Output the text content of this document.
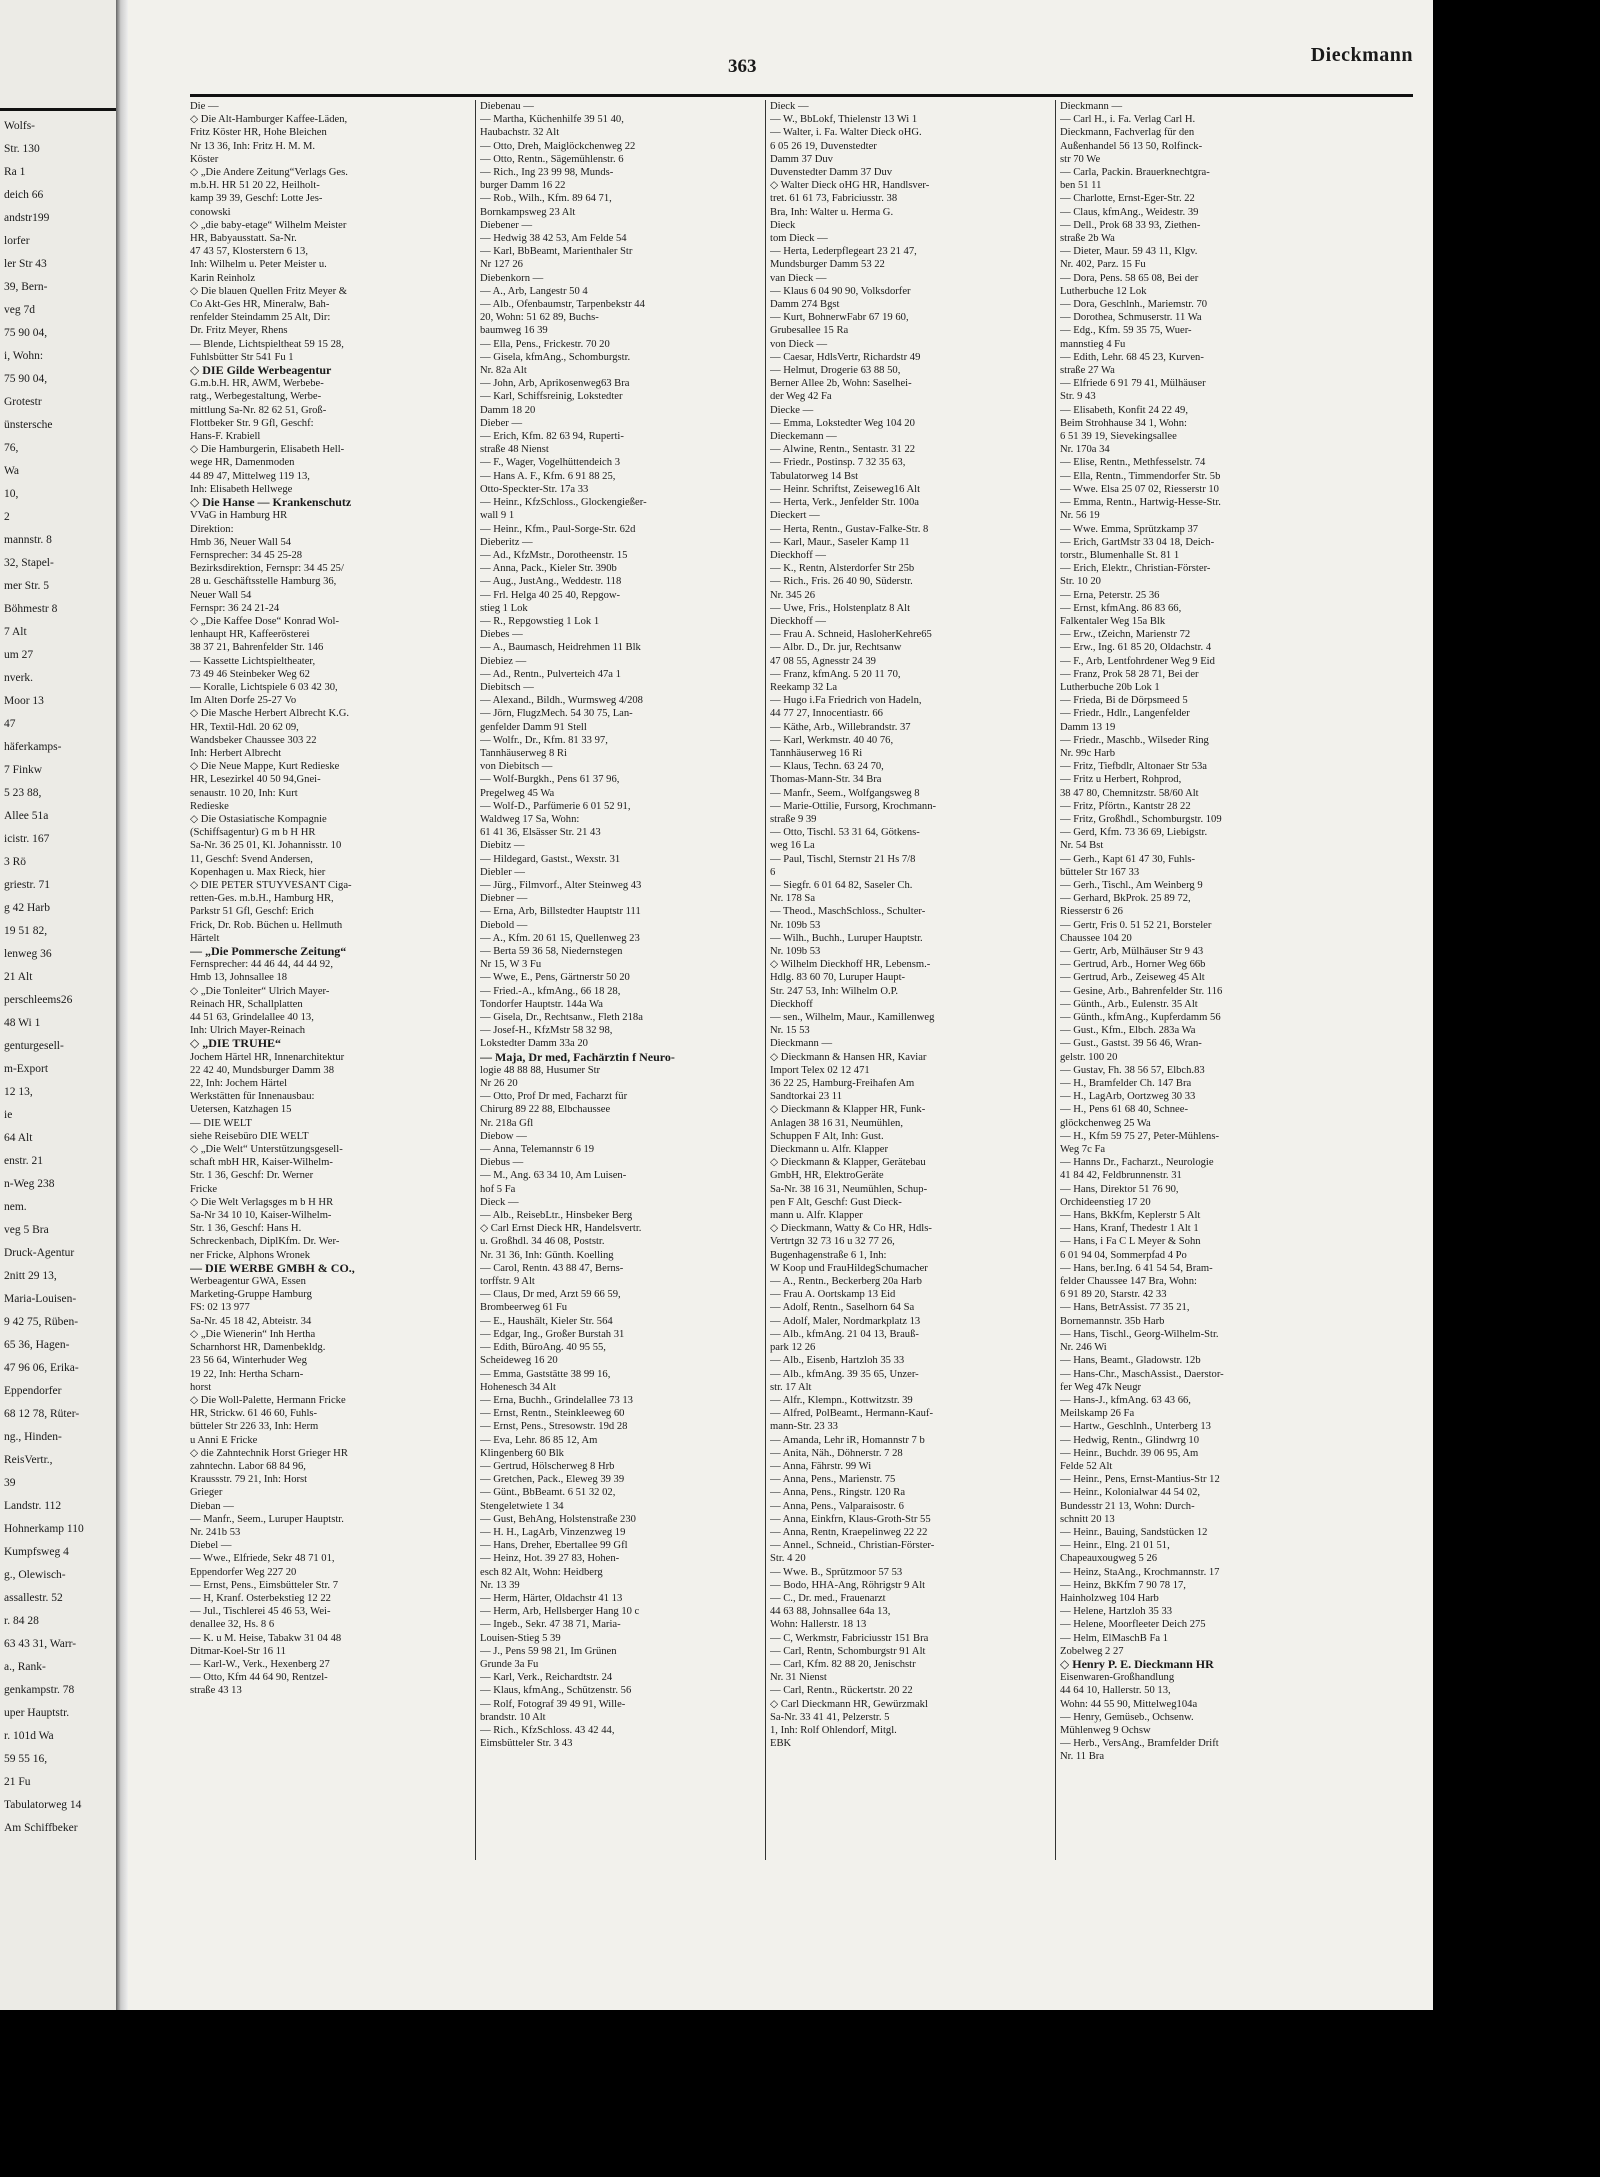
Wolfs-
Str. 130
Ra 1
deich 66
andstr199
lorfer
ler Str 43
39, Bern-
veg 7d
75 90 04,
i, Wohn:
75 90 04,
Grotestr
ünstersche
76,
Wa
10,
2
mannstr. 8
32, Stapel-
mer Str. 5
Böhmestr 8
7 Alt
um 27
nverk.
Moor 13
47
häferkamps-
7 Finkw
5 23 88,
Allee 51a
icistr. 167
3 Rö
griestr. 71
g 42 Harb
19 51 82,
lenweg 36
21 Alt
perschleems26
48 Wi 1
genturgesell-
m-Export
12 13,
ie
64 Alt
enstr. 21
n-Weg 238
nem.
veg 5 Bra
Druck-Agentur
2nitt 29 13,
Maria-Louisen-
9 42 75, Rüben-
65 36, Hagen-
47 96 06, Erika-
Eppendorfer
68 12 78, Rüter-
ng., Hinden-
ReisVertr.,
39
Landstr. 112
Hohnerkamp 110
Kumpfsweg 4
g., Olewisch-
assallestr. 52
r. 84 28
63 43 31, Warr-
a., Rank-
genkampstr. 78
uper Hauptstr.
r. 101d Wa
59 55 16,
21 Fu
Tabulatorweg 14
Am Schiffbeker
363
Dieckmann
Die —
◇ Die Alt-Hamburger Kaffee-Läden,
Fritz Köster HR, Hohe Bleichen
Nr 13 36, Inh: Fritz H. M. M.
Köster
◇ „Die Andere Zeitung“Verlags Ges.
m.b.H. HR 51 20 22, Heilholt-
kamp 39 39, Geschf: Lotte Jes-
conowski
◇ „die baby-etage“ Wilhelm Meister
HR, Babyausstatt. Sa-Nr.
47 43 57, Klosterstern 6 13,
Inh: Wilhelm u. Peter Meister u.
Karin Reinholz
◇ Die blauen Quellen Fritz Meyer &
Co Akt-Ges HR, Mineralw, Bah-
renfelder Steindamm 25 Alt, Dir:
Dr. Fritz Meyer, Rhens
— Blende, Lichtspieltheat 59 15 28,
Fuhlsbütter Str 541 Fu 1
◇ DIE Gilde Werbeagentur
G.m.b.H. HR, AWM, Werbebe-
ratg., Werbegestaltung, Werbe-
mittlung Sa-Nr. 82 62 51, Groß-
Flottbeker Str. 9 Gfl, Geschf:
Hans-F. Krabiell
◇ Die Hamburgerin, Elisabeth Hell-
wege HR, Damenmoden
44 89 47, Mittelweg 119 13,
Inh: Elisabeth Hellwege
◇ Die Hanse — Krankenschutz
VVaG in Hamburg HR
Direktion:
Hmb 36, Neuer Wall 54
Fernsprecher: 34 45 25-28
Bezirksdirektion, Fernspr: 34 45 25/
28 u. Geschäftsstelle Hamburg 36,
Neuer Wall 54
Fernspr: 36 24 21-24
◇ „Die Kaffee Dose“ Konrad Wol-
lenhaupt HR, Kaffeerösterei
38 37 21, Bahrenfelder Str. 146
— Kassette Lichtspieltheater,
73 49 46 Steinbeker Weg 62
— Koralle, Lichtspiele 6 03 42 30,
Im Alten Dorfe 25-27 Vo
◇ Die Masche Herbert Albrecht K.G.
HR, Textil-Hdl. 20 62 09,
Wandsbeker Chaussee 303 22
Inh: Herbert Albrecht
◇ Die Neue Mappe, Kurt Redieske
HR, Lesezirkel 40 50 94,Gnei-
senaustr. 10 20, Inh: Kurt
Redieske
◇ Die Ostasiatische Kompagnie
(Schiffsagentur) G m b H HR
Sa-Nr. 36 25 01, Kl. Johannisstr. 10
11, Geschf: Svend Andersen,
Kopenhagen u. Max Rieck, hier
◇ DIE PETER STUYVESANT Ciga-
retten-Ges. m.b.H., Hamburg HR,
Parkstr 51 Gfl, Geschf: Erich
Frick, Dr. Rob. Büchen u. Hellmuth
Härtelt
— „Die Pommersche Zeitung“
Fernsprecher: 44 46 44, 44 44 92,
Hmb 13, Johnsallee 18
◇ „Die Tonleiter“ Ulrich Mayer-
Reinach HR, Schallplatten
44 51 63, Grindelallee 40 13,
Inh: Ulrich Mayer-Reinach
◇ „DIE TRUHE“
Jochem Härtel HR, Innenarchitektur
22 42 40, Mundsburger Damm 38
22, Inh: Jochem Härtel
Werkstätten für Innenausbau:
Uetersen, Katzhagen 15
— DIE WELT
siehe Reisebüro DIE WELT
◇ „Die Welt“ Unterstützungsgesell-
schaft mbH HR, Kaiser-Wilhelm-
Str. 1 36, Geschf: Dr. Werner
Fricke
◇ Die Welt Verlagsges m b H HR
Sa-Nr 34 10 10, Kaiser-Wilhelm-
Str. 1 36, Geschf: Hans H.
Schreckenbach, DiplKfm. Dr. Wer-
ner Fricke, Alphons Wronek
— DIE WERBE GMBH & CO.,
Werbeagentur GWA, Essen
Marketing-Gruppe Hamburg
FS: 02 13 977
Sa-Nr. 45 18 42, Abteistr. 34
◇ „Die Wienerin“ Inh Hertha
Scharnhorst HR, Damenbekldg.
23 56 64, Winterhuder Weg
19 22, Inh: Hertha Scharn-
horst
◇ Die Woll-Palette, Hermann Fricke
HR, Strickw. 61 46 60, Fuhls-
bütteler Str 226 33, Inh: Herm
u Anni E Fricke
◇ die Zahntechnik Horst Grieger HR
zahntechn. Labor 68 84 96,
Kraussstr. 79 21, Inh: Horst
Grieger
Dieban —
— Manfr., Seem., Luruper Hauptstr.
Nr. 241b 53
Diebel —
— Wwe., Elfriede, Sekr 48 71 01,
Eppendorfer Weg 227 20
— Ernst, Pens., Eimsbütteler Str. 7
— H, Kranf. Osterbekstieg 12 22
— Jul., Tischlerei 45 46 53, Wei-
denallee 32, Hs. 8 6
— K. u M. Heise, Tabakw 31 04 48
Ditmar-Koel-Str 16 11
— Karl-W., Verk., Hexenberg 27
— Otto, Kfm 44 64 90, Rentzel-
straße 43 13
Diebenau —
— Martha, Küchenhilfe 39 51 40,
Haubachstr. 32 Alt
— Otto, Dreh, Maiglöckchenweg 22
— Otto, Rentn., Sägemühlenstr. 6
— Rich., Ing 23 99 98, Munds-
burger Damm 16 22
— Rob., Wilh., Kfm. 89 64 71,
Bornkampsweg 23 Alt
Diebener —
— Hedwig 38 42 53, Am Felde 54
— Karl, BbBeamt, Marienthaler Str
Nr 127 26
Diebenkorn —
— A., Arb, Langestr 50 4
— Alb., Ofenbaumstr, Tarpenbekstr 44
20, Wohn: 51 62 89, Buchs-
baumweg 16 39
— Ella, Pens., Frickestr. 70 20
— Gisela, kfmAng., Schomburgstr.
Nr. 82a Alt
— John, Arb, Aprikosenweg63 Bra
— Karl, Schiffsreinig, Lokstedter
Damm 18 20
Dieber —
— Erich, Kfm. 82 63 94, Ruperti-
straße 48 Nienst
— F., Wager, Vogelhüttendeich 3
— Hans A. F., Kfm. 6 91 88 25,
Otto-Speckter-Str. 17a 33
— Heinr., KfzSchloss., Glockengießer-
wall 9 1
— Heinr., Kfm., Paul-Sorge-Str. 62d
Dieberitz —
— Ad., KfzMstr., Dorotheenstr. 15
— Anna, Pack., Kieler Str. 390b
— Aug., JustAng., Weddestr. 118
— Frl. Helga 40 25 40, Repgow-
stieg 1 Lok
— R., Repgowstieg 1 Lok 1
Diebes —
— A., Baumasch, Heidrehmen 11 Blk
Diebiez —
— Ad., Rentn., Pulverteich 47a 1
Diebitsch —
— Alexand., Bildh., Wurmsweg 4/208
— Jörn, FlugzMech. 54 30 75, Lan-
genfelder Damm 91 Stell
— Wolfr., Dr., Kfm. 81 33 97,
Tannhäuserweg 8 Ri
von Diebitsch —
— Wolf-Burgkh., Pens 61 37 96,
Pregelweg 45 Wa
— Wolf-D., Parfümerie 6 01 52 91,
Waldweg 17 Sa, Wohn:
61 41 36, Elsässer Str. 21 43
Diebitz —
— Hildegard, Gastst., Wexstr. 31
Diebler —
— Jürg., Filmvorf., Alter Steinweg 43
Diebner —
— Erna, Arb, Billstedter Hauptstr 111
Diebold —
— A., Kfm. 20 61 15, Quellenweg 23
— Berta 59 36 58, Niedernstegen
Nr 15, W 3 Fu
— Wwe, E., Pens, Gärtnerstr 50 20
— Fried.-A., kfmAng., 66 18 28,
Tondorfer Hauptstr. 144a Wa
— Gisela, Dr., Rechtsanw., Fleth 218a
— Josef-H., KfzMstr 58 32 98,
Lokstedter Damm 33a 20
— Maja, Dr med, Fachärztin f Neuro-
logie 48 88 88, Husumer Str
Nr 26 20
— Otto, Prof Dr med, Facharzt für
Chirurg 89 22 88, Elbchaussee
Nr. 218a Gfl
Diebow —
— Anna, Telemannstr 6 19
Diebus —
— M., Ang. 63 34 10, Am Luisen-
hof 5 Fa
Dieck —
— Alb., ReisebLtr., Hinsbeker Berg
◇ Carl Ernst Dieck HR, Handelsvertr.
u. Großhdl. 34 46 08, Poststr.
Nr. 31 36, Inh: Günth. Koelling
— Carol, Rentn. 43 88 47, Berns-
torffstr. 9 Alt
— Claus, Dr med, Arzt 59 66 59,
Brombeerweg 61 Fu
— E., Haushält, Kieler Str. 564
— Edgar, Ing., Großer Burstah 31
— Edith, BüroAng. 40 95 55,
Scheideweg 16 20
— Emma, Gaststätte 38 99 16,
Hohenesch 34 Alt
— Erna, Buchh., Grindelallee 73 13
— Ernst, Rentn., Steinkleeweg 60
— Ernst, Pens., Stresowstr. 19d 28
— Eva, Lehr. 86 85 12, Am
Klingenberg 60 Blk
— Gertrud, Hölscherweg 8 Hrb
— Gretchen, Pack., Eleweg 39 39
— Günt., BbBeamt. 6 51 32 02,
Stengeletwiete 1 34
— Gust, BehAng, Holstenstraße 230
— H. H., LagArb, Vinzenzweg 19
— Hans, Dreher, Ebertallee 99 Gfl
— Heinz, Hot. 39 27 83, Hohen-
esch 82 Alt, Wohn: Heidberg
Nr. 13 39
— Herm, Härter, Oldachstr 41 13
— Herm, Arb, Hellsberger Hang 10 c
— Ingeb., Sekr. 47 38 71, Maria-
Louisen-Stieg 5 39
— J., Pens 59 98 21, Im Grünen
Grunde 3a Fu
— Karl, Verk., Reichardtstr. 24
— Klaus, kfmAng., Schützenstr. 56
— Rolf, Fotograf 39 49 91, Wille-
brandstr. 10 Alt
— Rich., KfzSchloss. 43 42 44,
Eimsbütteler Str. 3 43
Dieck —
— W., BbLokf, Thielenstr 13 Wi 1
— Walter, i. Fa. Walter Dieck oHG.
6 05 26 19, Duvenstedter
Damm 37 Duv
Duvenstedter Damm 37 Duv
◇ Walter Dieck oHG HR, Handlsver-
tret. 61 61 73, Fabriciusstr. 38
Bra, Inh: Walter u. Herma G.
Dieck
tom Dieck —
— Herta, Lederpflegeart 23 21 47,
Mundsburger Damm 53 22
van Dieck —
— Klaus 6 04 90 90, Volksdorfer
Damm 274 Bgst
— Kurt, BohnerwFabr 67 19 60,
Grubesallee 15 Ra
von Dieck —
— Caesar, HdlsVertr, Richardstr 49
— Helmut, Drogerie 63 88 50,
Berner Allee 2b, Wohn: Saselhei-
der Weg 42 Fa
Diecke —
— Emma, Lokstedter Weg 104 20
Dieckemann —
— Alwine, Rentn., Sentastr. 31 22
— Friedr., Postinsp. 7 32 35 63,
Tabulatorweg 14 Bst
— Heinr. Schriftst, Zeiseweg16 Alt
— Herta, Verk., Jenfelder Str. 100a
Dieckert —
— Herta, Rentn., Gustav-Falke-Str. 8
— Karl, Maur., Saseler Kamp 11
Dieckhoff —
— K., Rentn, Alsterdorfer Str 25b
— Rich., Fris. 26 40 90, Süderstr.
Nr. 345 26
— Uwe, Fris., Holstenplatz 8 Alt
Dieckhoff —
— Frau A. Schneid, HasloherKehre65
— Albr. D., Dr. jur, Rechtsanw
47 08 55, Agnesstr 24 39
— Franz, kfmAng. 5 20 11 70,
Reekamp 32 La
— Hugo i.Fa Friedrich von Hadeln,
44 77 27, Innocentiastr. 66
— Käthe, Arb., Willebrandstr. 37
— Karl, Werkmstr. 40 40 76,
Tannhäuserweg 16 Ri
— Klaus, Techn. 63 24 70,
Thomas-Mann-Str. 34 Bra
— Manfr., Seem., Wolfgangsweg 8
— Marie-Ottilie, Fursorg, Krochmann-
straße 9 39
— Otto, Tischl. 53 31 64, Götkens-
weg 16 La
— Paul, Tischl, Sternstr 21 Hs 7/8
6
— Siegfr. 6 01 64 82, Saseler Ch.
Nr. 178 Sa
— Theod., MaschSchloss., Schulter-
Nr. 109b 53
— Wilh., Buchh., Luruper Hauptstr.
Nr. 109b 53
◇ Wilhelm Dieckhoff HR, Lebensm.-
Hdlg. 83 60 70, Luruper Haupt-
Str. 247 53, Inh: Wilhelm O.P.
Dieckhoff
— sen., Wilhelm, Maur., Kamillenweg
Nr. 15 53
Dieckmann —
◇ Dieckmann & Hansen HR, Kaviar
Import Telex 02 12 471
36 22 25, Hamburg-Freihafen Am
Sandtorkai 23 11
◇ Dieckmann & Klapper HR, Funk-
Anlagen 38 16 31, Neumühlen,
Schuppen F Alt, Inh: Gust.
Dieckmann u. Alfr. Klapper
◇ Dieckmann & Klapper, Gerätebau
GmbH, HR, ElektroGeräte
Sa-Nr. 38 16 31, Neumühlen, Schup-
pen F Alt, Geschf: Gust Dieck-
mann u. Alfr. Klapper
◇ Dieckmann, Watty & Co HR, Hdls-
Vertrtgn 32 73 16 u 32 77 26,
Bugenhagenstraße 6 1, Inh:
W Koop und FrauHildegSchumacher
— A., Rentn., Beckerberg 20a Harb
— Frau A. Oortskamp 13 Eid
— Adolf, Rentn., Saselhorn 64 Sa
— Adolf, Maler, Nordmarkplatz 13
— Alb., kfmAng. 21 04 13, Brauß-
park 12 26
— Alb., Eisenb, Hartzloh 35 33
— Alb., kfmAng. 39 35 65, Unzer-
str. 17 Alt
— Alfr., Klempn., Kottwitzstr. 39
— Alfred, PolBeamt., Hermann-Kauf-
mann-Str. 23 33
— Amanda, Lehr iR, Homannstr 7 b
— Anita, Näh., Döhnerstr. 7 28
— Anna, Fährstr. 99 Wi
— Anna, Pens., Marienstr. 75
— Anna, Pens., Ringstr. 120 Ra
— Anna, Pens., Valparaisostr. 6
— Anna, Einkfrn, Klaus-Groth-Str 55
— Anna, Rentn, Kraepelinweg 22 22
— Annel., Schneid., Christian-Förster-
Str. 4 20
— Wwe. B., Sprützmoor 57 53
— Bodo, HHA-Ang, Röhrigstr 9 Alt
— C., Dr. med., Frauenarzt
44 63 88, Johnsallee 64a 13,
Wohn: Hallerstr. 18 13
— C, Werkmstr, Fabriciusstr 151 Bra
— Carl, Rentn, Schomburgstr 91 Alt
— Carl, Kfm. 82 88 20, Jenischstr
Nr. 31 Nienst
— Carl, Rentn., Rückertstr. 20 22
◇ Carl Dieckmann HR, Gewürzmakl
Sa-Nr. 33 41 41, Pelzerstr. 5
1, Inh: Rolf Ohlendorf, Mitgl.
EBK
Dieckmann —
— Carl H., i. Fa. Verlag Carl H.
Dieckmann, Fachverlag für den
Außenhandel 56 13 50, Rolfinck-
str 70 We
— Carla, Packin. Brauerknechtgra-
ben 51 11
— Charlotte, Ernst-Eger-Str. 22
— Claus, kfmAng., Weidestr. 39
— Dell., Prok 68 33 93, Ziethen-
straße 2b Wa
— Dieter, Maur. 59 43 11, Klgv.
Nr. 402, Parz. 15 Fu
— Dora, Pens. 58 65 08, Bei der
Lutherbuche 12 Lok
— Dora, Geschlnh., Mariemstr. 70
— Dorothea, Schmuserstr. 11 Wa
— Edg., Kfm. 59 35 75, Wuer-
mannstieg 4 Fu
— Edith, Lehr. 68 45 23, Kurven-
straße 27 Wa
— Elfriede 6 91 79 41, Mülhäuser
Str. 9 43
— Elisabeth, Konfit 24 22 49,
Beim Strohhause 34 1, Wohn:
6 51 39 19, Sievekingsallee
Nr. 170a 34
— Elise, Rentn., Methfesselstr. 74
— Ella, Rentn., Timmendorfer Str. 5b
— Wwe. Elsa 25 07 02, Riesserstr 10
— Emma, Rentn., Hartwig-Hesse-Str.
Nr. 56 19
— Wwe. Emma, Sprützkamp 37
— Erich, GartMstr 33 04 18, Deich-
torstr., Blumenhalle St. 81 1
— Erich, Elektr., Christian-Förster-
Str. 10 20
— Erna, Peterstr. 25 36
— Ernst, kfmAng. 86 83 66,
Falkentaler Weg 15a Blk
— Erw., tZeichn, Marienstr 72
— Erw., Ing. 61 85 20, Oldachstr. 4
— F., Arb, Lentfohrdener Weg 9 Eid
— Franz, Prok 58 28 71, Bei der
Lutherbuche 20b Lok 1
— Frieda, Bi de Dörpsmeed 5
— Friedr., Hdlr., Langenfelder
Damm 13 19
— Friedr., Maschb., Wilseder Ring
Nr. 99c Harb
— Fritz, Tiefbdlr, Altonaer Str 53a
— Fritz u Herbert, Rohprod,
38 47 80, Chemnitzstr. 58/60 Alt
— Fritz, Pförtn., Kantstr 28 22
— Fritz, Großhdl., Schomburgstr. 109
— Gerd, Kfm. 73 36 69, Liebigstr.
Nr. 54 Bst
— Gerh., Kapt 61 47 30, Fuhls-
bütteler Str 167 33
— Gerh., Tischl., Am Weinberg 9
— Gerhard, BkProk. 25 89 72,
Riesserstr 6 26
— Gertr, Fris 0. 51 52 21, Borsteler
Chaussee 104 20
— Gertr, Arb, Mülhäuser Str 9 43
— Gertrud, Arb., Horner Weg 66b
— Gertrud, Arb., Zeiseweg 45 Alt
— Gesine, Arb., Bahrenfelder Str. 116
— Günth., Arb., Eulenstr. 35 Alt
— Günth., kfmAng., Kupferdamm 56
— Gust., Kfm., Elbch. 283a Wa
— Gust., Gastst. 39 56 46, Wran-
gelstr. 100 20
— Gustav, Fh. 38 56 57, Elbch.83
— H., Bramfelder Ch. 147 Bra
— H., LagArb, Oortzweg 30 33
— H., Pens 61 68 40, Schnee-
glöckchenweg 25 Wa
— H., Kfm 59 75 27, Peter-Mühlens-
Weg 7c Fa
— Hanns Dr., Facharzt., Neurologie
41 84 42, Feldbrunnenstr. 31
— Hans, Direktor 51 76 90,
Orchideenstieg 17 20
— Hans, BkKfm, Keplerstr 5 Alt
— Hans, Kranf, Thedestr 1 Alt 1
— Hans, i Fa C L Meyer & Sohn
6 01 94 04, Sommerpfad 4 Po
— Hans, ber.Ing. 6 41 54 54, Bram-
felder Chaussee 147 Bra, Wohn:
6 91 89 20, Starstr. 42 33
— Hans, BetrAssist. 77 35 21,
Bornemannstr. 35b Harb
— Hans, Tischl., Georg-Wilhelm-Str.
Nr. 246 Wi
— Hans, Beamt., Gladowstr. 12b
— Hans-Chr., MaschAssist., Daerstor-
fer Weg 47k Neugr
— Hans-J., kfmAng. 63 43 66,
Meilskamp 26 Fa
— Hartw., Geschlnh., Unterberg 13
— Hedwig, Rentn., Glindwrg 10
— Heinr., Buchdr. 39 06 95, Am
Felde 52 Alt
— Heinr., Pens, Ernst-Mantius-Str 12
— Heinr., Kolonialwar 44 54 02,
Bundesstr 21 13, Wohn: Durch-
schnitt 20 13
— Heinr., Bauing, Sandstücken 12
— Heinr., Elng. 21 01 51,
Chapeauxougweg 5 26
— Heinz, StaAng., Krochmannstr. 17
— Heinz, BkKfm 7 90 78 17,
Hainholzweg 104 Harb
— Helene, Hartzloh 35 33
— Helene, Moorfleeter Deich 275
— Helm, ElMaschB Fa 1
Zobelweg 2 27
◇ Henry P. E. Dieckmann HR
Eisenwaren-Großhandlung
44 64 10, Hallerstr. 50 13,
Wohn: 44 55 90, Mittelweg104a
— Henry, Gemüseb., Ochsenw.
Mühlenweg 9 Ochsw
— Herb., VersAng., Bramfelder Drift
Nr. 11 Bra
